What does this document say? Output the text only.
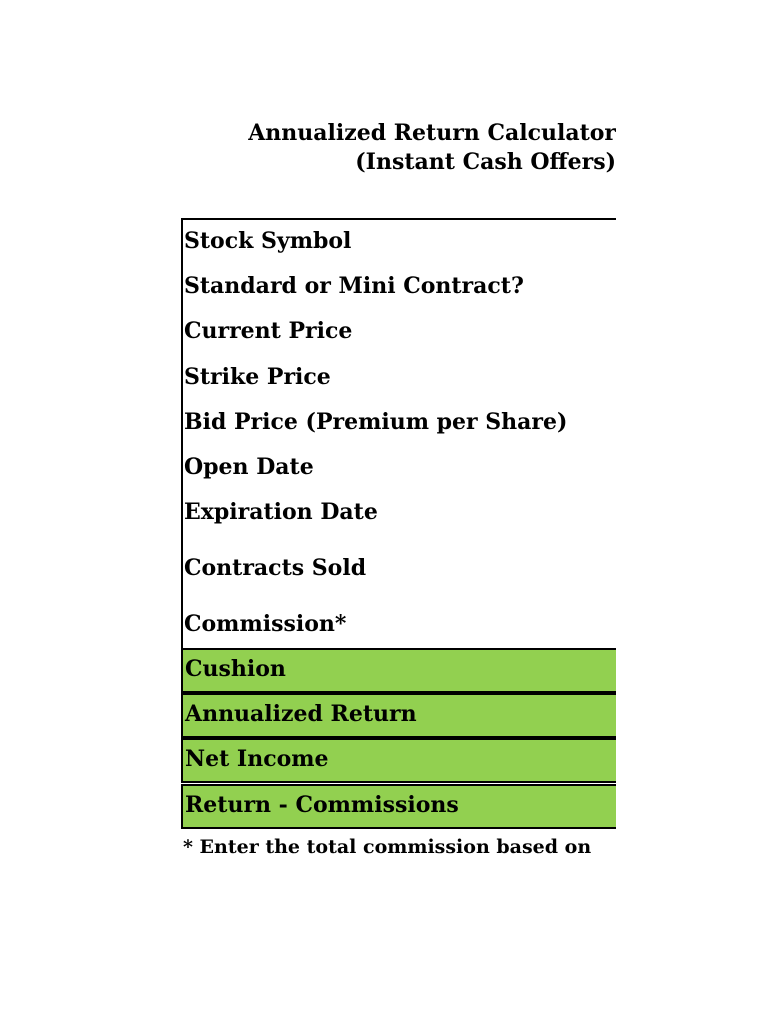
Annualized Return Calculator
(Instant Cash Offers)
Stock Symbol
Standard or Mini Contract?
Current Price
Strike Price
Bid Price (Premium per Share)
Open Date
Expiration Date
Contracts Sold
Commission*
Cushion
Annualized Return
Net Income
Return - Commissions
* Enter the total commission based on
